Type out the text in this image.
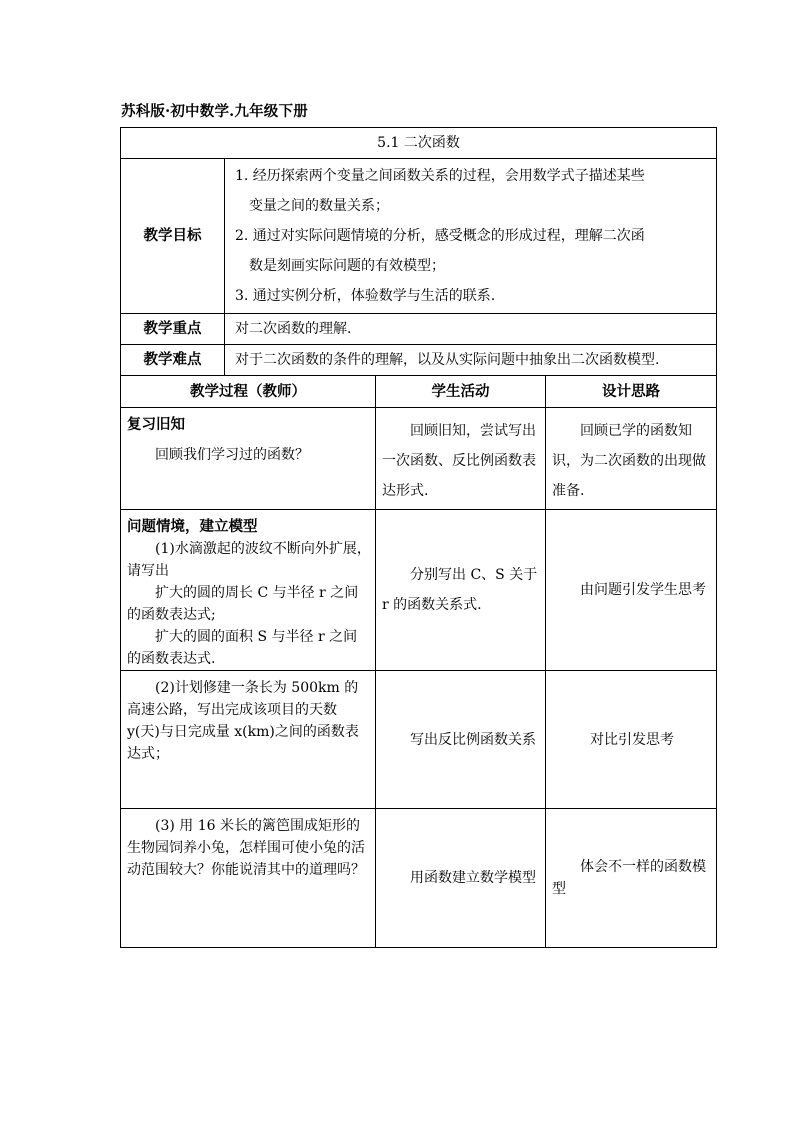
苏科版·初中数学.九年级下册
5.1 二次函数			
教学目标	1. 经历探索两个变量之间函数关系的过程，会用数学式子描述某些
变量之间的数量关系；
2. 通过对实际问题情境的分析，感受概念的形成过程，理解二次函
数是刻画实际问题的有效模型；
3. 通过实例分析，体验数学与生活的联系.		

教学重点	对二次函数的理解.		
教学难点	对于二次函数的条件的理解，以及从实际问题中抽象出二次函数模型.		
教学过程（教师）		学生活动	设计思路

复习旧知
回顾我们学习过的函数？		回顾旧知，尝试写出一次函数、反比例函数表达形式.	回顾已学的函数知识，为二次函数的出现做准备.

问题情境，建立模型
(1)水滴激起的波纹不断向外扩展，请写出
扩大的圆的周长 C 与半径 r 之间的函数表达式;
扩大的圆的面积 S 与半径 r 之间的函数表达式.		分别写出 C、S 关于 r 的函数关系式.	由问题引发学生思考

(2)计划修建一条长为 500km 的高速公路，写出完成该项目的天数 y(天)与日完成量 x(km)之间的函数表达式；		写出反比例函数关系	对比引发思考

(3) 用 16 米长的篱笆围成矩形的生物园饲养小兔，怎样围可使小兔的活动范围较大？你能说清其中的道理吗？		用函数建立数学模型	体会不一样的函数模型
